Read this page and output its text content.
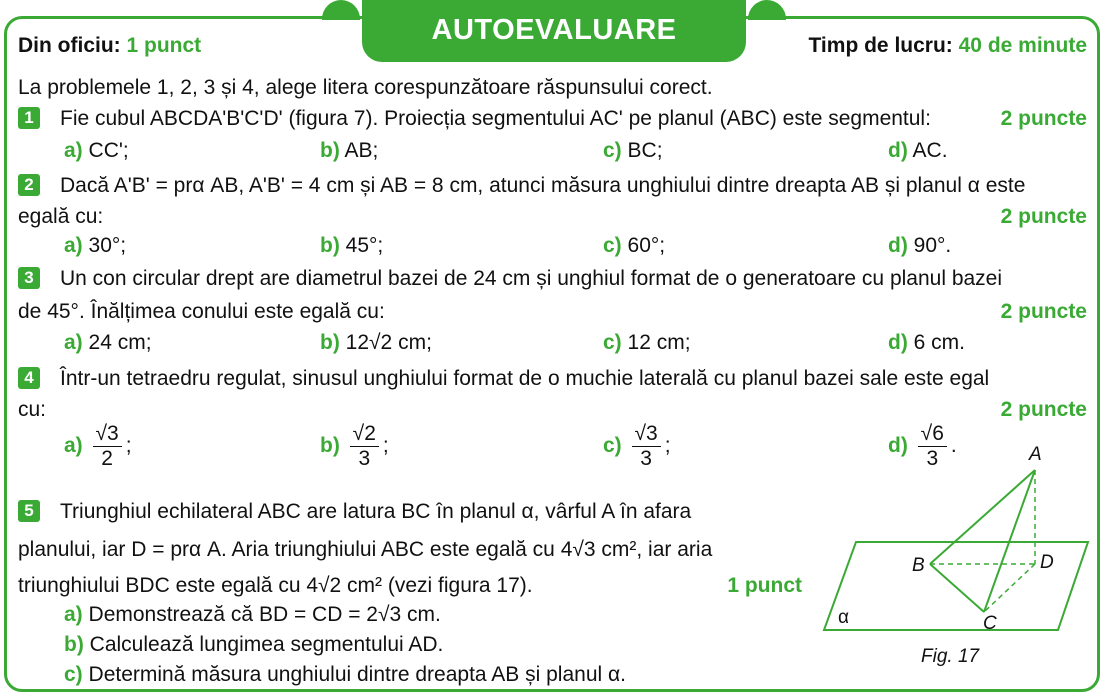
AUTOEVALUARE
Din oficiu: 1 punct	Timp de lucru: 40 de minute
La problemele 1, 2, 3 și 4, alege litera corespunzătoare răspunsului corect.
1 Fie cubul ABCDA'B'C'D' (figura 7). Proiecția segmentului AC' pe planul (ABC) este segmentul:	2 puncte
a) CC';	b) AB;	c) BC;	d) AC.
2 Dacă A'B' = prα AB, A'B' = 4 cm și AB = 8 cm, atunci măsura unghiului dintre dreapta AB și planul α este
egală cu:	2 puncte
a) 30°;	b) 45°;	c) 60°;	d) 90°.
3 Un con circular drept are diametrul bazei de 24 cm și unghiul format de o generatoare cu planul bazei
de 45°. Înălțimea conului este egală cu:	2 puncte
a) 24 cm;	b) 12√2 cm;	c) 12 cm;	d) 6 cm.
4 Într-un tetraedru regulat, sinusul unghiului format de o muchie laterală cu planul bazei sale este egal
cu:	2 puncte
$a) \frac{√3}{2}$ ;	$b) \frac{√2}{3}$ ;	$c) \frac{√3}{3}$ ;	$d) \frac{√6}{3}$ .
5 Triunghiul echilateral ABC are latura BC în planul α, vârful A în afara
planului, iar D = prα A. Aria triunghiului ABC este egală cu 4√3 cm², iar aria
triunghiului BDC este egală cu 4√2 cm² (vezi figura 17).	1 punct
a) Demonstrează că BD = CD = 2√3 cm.
b) Calculează lungimea segmentului AD.
c) Determină măsura unghiului dintre dreapta AB și planul α.
A
B	D
C
α
Fig. 17
